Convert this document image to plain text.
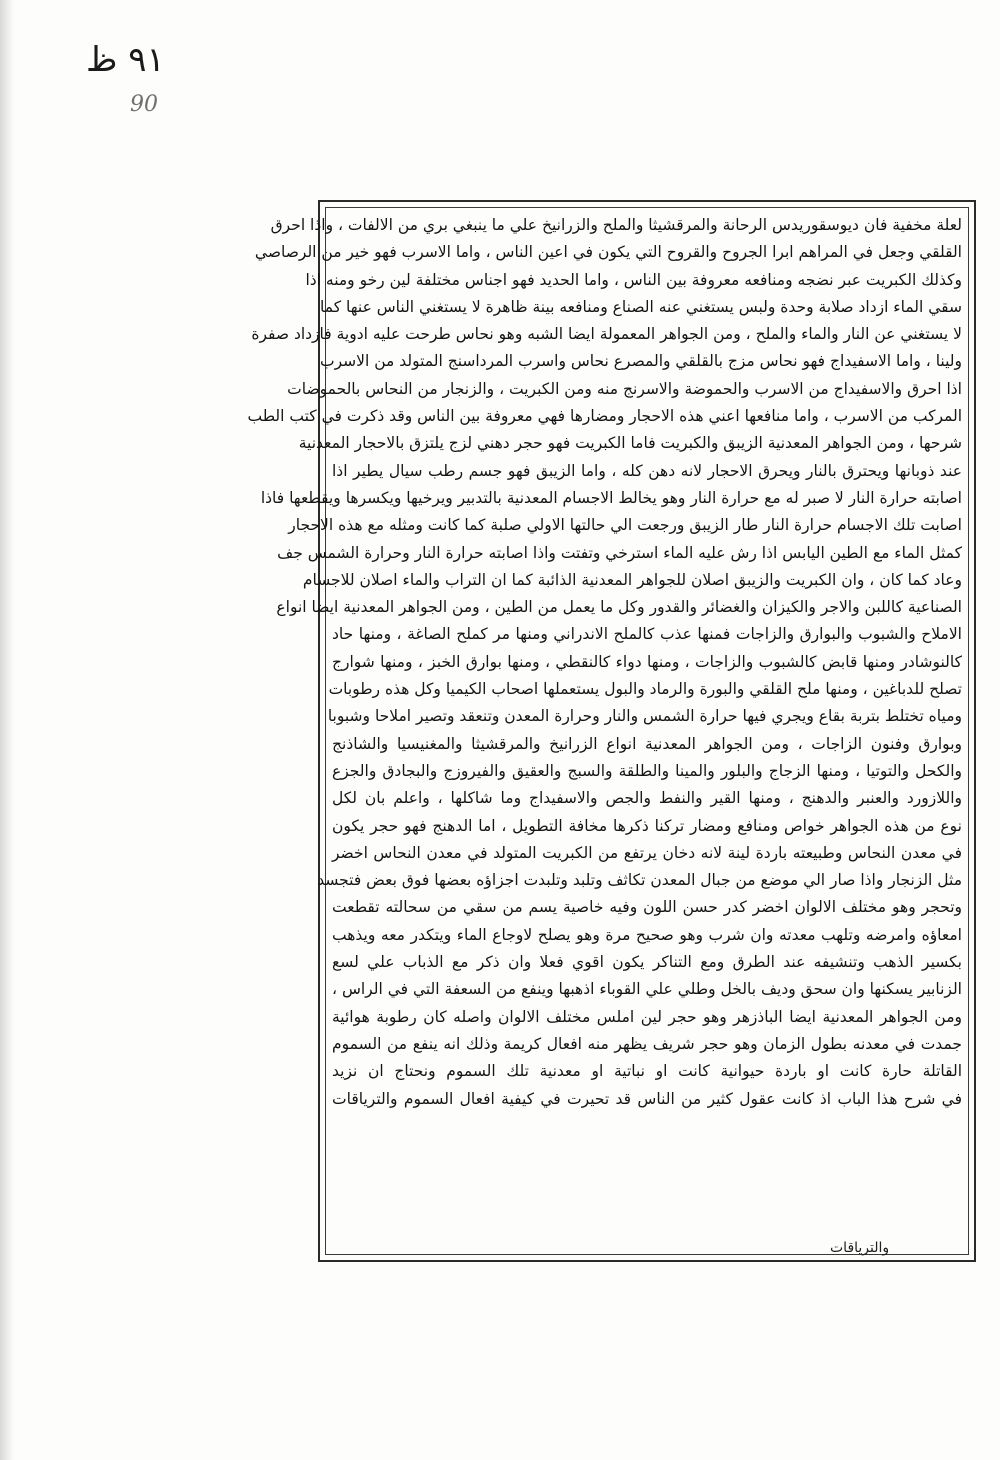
٩١ ظ
90
لعلة مخفية فان ديوسقوريدس الرحانة والمرقشيثا والملح والزرانيخ علي ما ينبغي بري من الالفات ، واذا احرق
القلقي وجعل في المراهم ابرا الجروح والقروح التي يكون في اعين الناس ، واما الاسرب فهو خير من الرصاصي
وكذلك الكبريت عبر نضجه ومنافعه معروفة بين الناس ، واما الحديد فهو اجناس مختلفة لين رخو ومنه اذا
سقي الماء ازداد صلابة وحدة ولبس يستغني عنه الصناع ومنافعه بينة ظاهرة لا يستغني الناس عنها كما
لا يستغني عن النار والماء والملح ، ومن الجواهر المعمولة ايضا الشبه وهو نحاس طرحت عليه ادوية فازداد صفرة
ولينا ، واما الاسفيداج فهو نحاس مزج بالقلقي والمصرع نحاس واسرب المرداسنج المتولد من الاسرب
اذا احرق والاسفيداج من الاسرب والحموضة والاسرنج منه ومن الكبريت ، والزنجار من النحاس بالحموضات
المركب من الاسرب ، واما منافعها اعني هذه الاحجار ومضارها فهي معروفة بين الناس وقد ذكرت في كتب الطب
شرحها ، ومن الجواهر المعدنية الزيبق والكبريت فاما الكبريت فهو حجر دهني لزج يلتزق بالاحجار المعدنية
عند ذوبانها ويحترق بالنار ويحرق الاحجار لانه دهن كله ، واما الزيبق فهو جسم رطب سيال يطير اذا
اصابته حرارة النار لا صبر له مع حرارة النار وهو يخالط الاجسام المعدنية بالتدبير ويرخيها ويكسرها ويقطعها فاذا
اصابت تلك الاجسام حرارة النار طار الزيبق ورجعت الي حالتها الاولي صلبة كما كانت ومثله مع هذه الاحجار
كمثل الماء مع الطين اليابس اذا رش عليه الماء استرخي وتفتت واذا اصابته حرارة النار وحرارة الشمس جف
وعاد كما كان ، وان الكبريت والزيبق اصلان للجواهر المعدنية الذائبة كما ان التراب والماء اصلان للاجسام
الصناعية كاللبن والاجر والكيزان والغضائر والقدور وكل ما يعمل من الطين ، ومن الجواهر المعدنية ايضا انواع
الاملاح والشبوب والبوارق والزاجات فمنها عذب كالملح الاندراني ومنها مر كملح الصاغة ، ومنها حاد
كالنوشادر ومنها قابض كالشبوب والزاجات ، ومنها دواء كالنقطي ، ومنها بوارق الخبز ، ومنها شوارج
تصلح للدباغين ، ومنها ملح القلقي والبورة والرماد والبول يستعملها اصحاب الكيميا وكل هذه رطوبات
ومياه تختلط بتربة بقاع ويجري فيها حرارة الشمس والنار وحرارة المعدن وتنعقد وتصير املاحا وشبوبا
وبوارق وفنون الزاجات ، ومن الجواهر المعدنية انواع الزرانيخ والمرقشيثا والمغنيسيا والشاذنج
والكحل والتوتيا ، ومنها الزجاج والبلور والمينا والطلقة والسبج والعقيق والفيروزج والبجادق والجزع
واللازورد والعنبر والدهنج ، ومنها القير والنفط والجص والاسفيداج وما شاكلها ، واعلم بان لكل
نوع من هذه الجواهر خواص ومنافع ومضار تركنا ذكرها مخافة التطويل ، اما الدهنج فهو حجر يكون
في معدن النحاس وطبيعته باردة لينة لانه دخان يرتفع من الكبريت المتولد في معدن النحاس اخضر
مثل الزنجار واذا صار الي موضع من جبال المعدن تكاثف وتلبد وتلبدت اجزاؤه بعضها فوق بعض فتجسد
وتحجر وهو مختلف الالوان اخضر كدر حسن اللون وفيه خاصية يسم من سقي من سحالته تقطعت
امعاؤه وامرضه وتلهب معدته وان شرب وهو صحيح مرة وهو يصلح لاوجاع الماء ويتكدر معه ويذهب
بكسير الذهب وتنشيفه عند الطرق ومع التناكر يكون اقوي فعلا وان ذكر مع الذباب علي لسع
الزنابير يسكنها وان سحق وديف بالخل وطلي علي القوباء اذهبها وينفع من السعفة التي في الراس ،
ومن الجواهر المعدنية ايضا الباذزهر وهو حجر لين املس مختلف الالوان واصله كان رطوبة هوائية
جمدت في معدنه بطول الزمان وهو حجر شريف يظهر منه افعال كريمة وذلك انه ينفع من السموم
القاتلة حارة كانت او باردة حيوانية كانت او نباتية او معدنية تلك السموم ونحتاج ان نزيد
في شرح هذا الباب اذ كانت عقول كثير من الناس قد تحيرت في كيفية افعال السموم والترياقات
والترياقات
